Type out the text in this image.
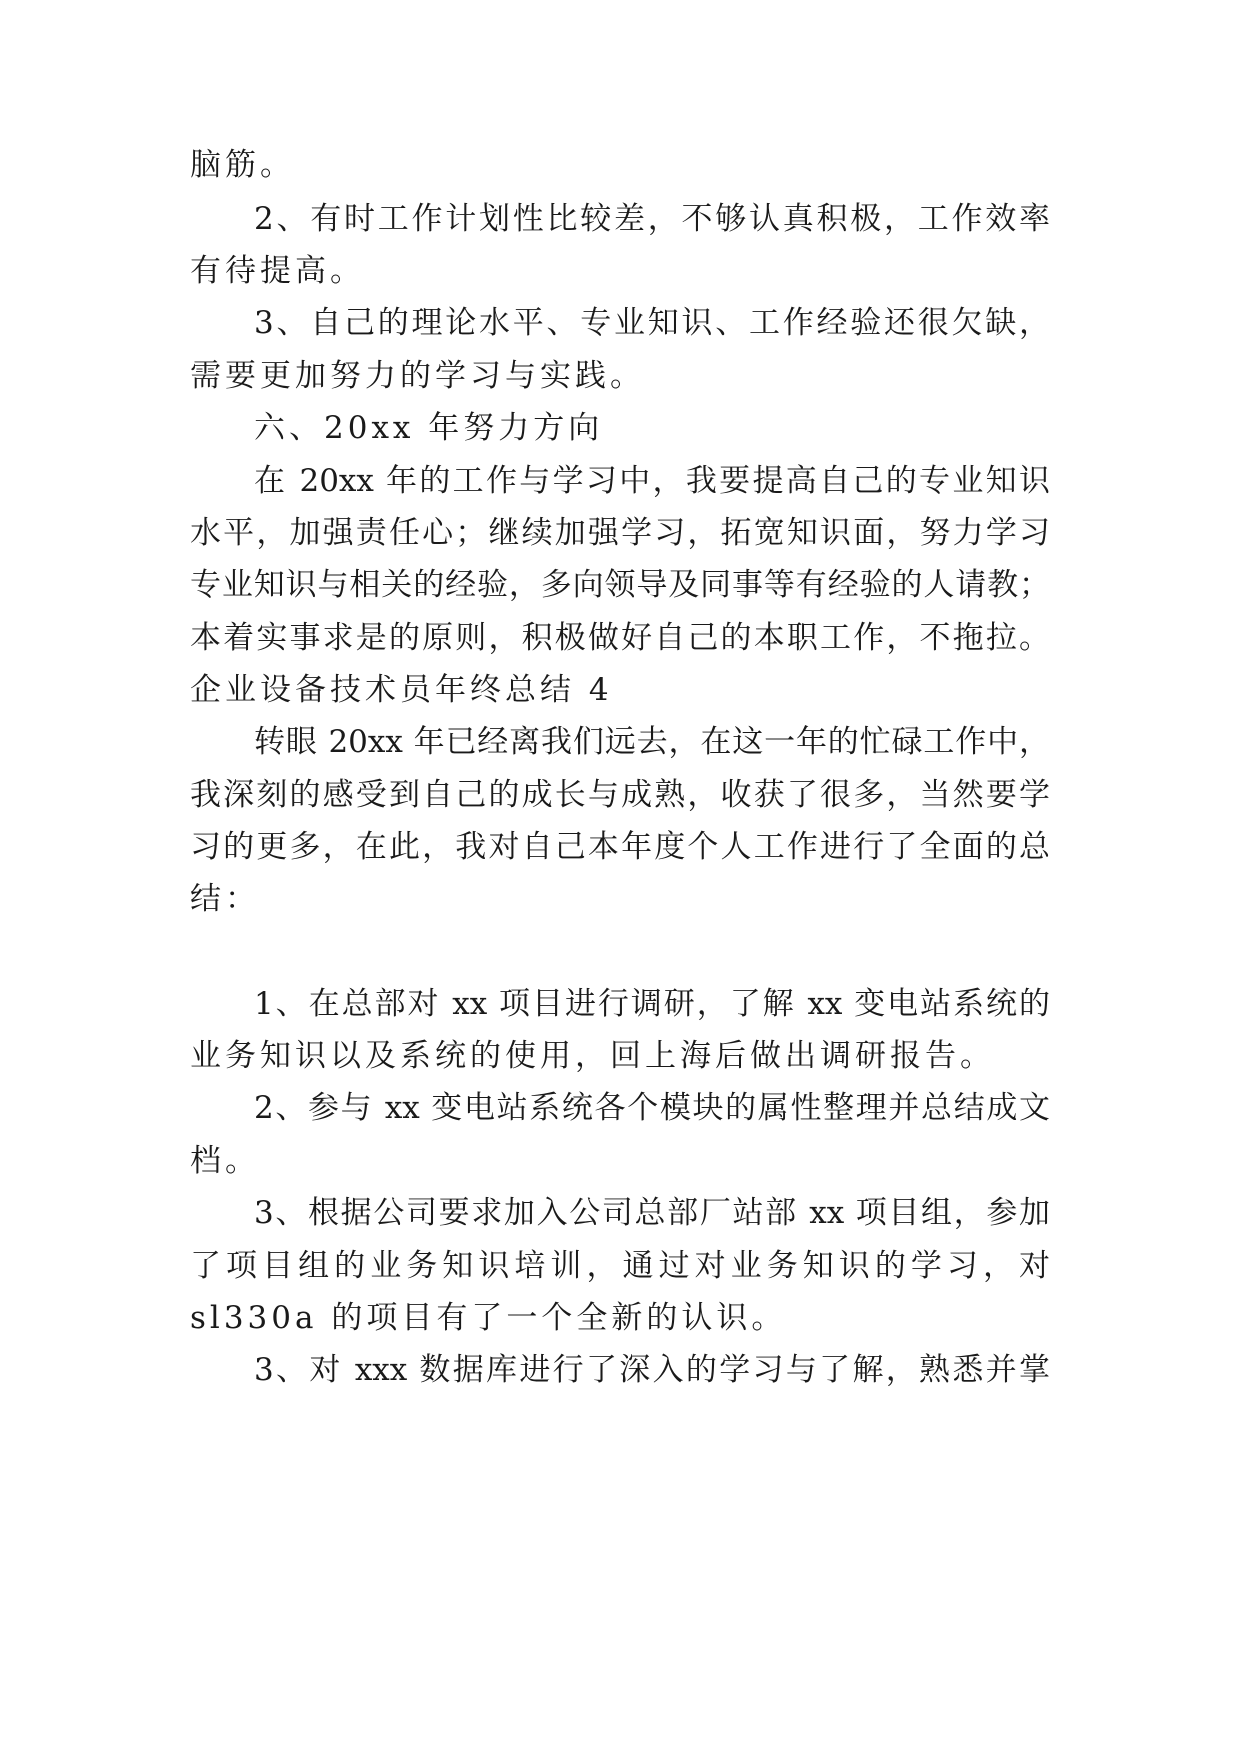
脑筋。
2、有时工作计划性比较差，不够认真积极，工作效率
有待提高。
3、自己的理论水平、专业知识、工作经验还很欠缺，
需要更加努力的学习与实践。
六、20xx 年努力方向
在 20xx 年的工作与学习中，我要提高自己的专业知识
水平，加强责任心；继续加强学习，拓宽知识面，努力学习
专业知识与相关的经验，多向领导及同事等有经验的人请教；
本着实事求是的原则，积极做好自己的本职工作，不拖拉。
企业设备技术员年终总结 4
转眼 20xx 年已经离我们远去，在这一年的忙碌工作中，
我深刻的感受到自己的成长与成熟，收获了很多，当然要学
习的更多，在此，我对自己本年度个人工作进行了全面的总
结：
1、在总部对 xx 项目进行调研，了解 xx 变电站系统的
业务知识以及系统的使用，回上海后做出调研报告。
2、参与 xx 变电站系统各个模块的属性整理并总结成文
档。
3、根据公司要求加入公司总部厂站部 xx 项目组，参加
了项目组的业务知识培训，通过对业务知识的学习，对
sl330a 的项目有了一个全新的认识。
3、对 xxx 数据库进行了深入的学习与了解，熟悉并掌
